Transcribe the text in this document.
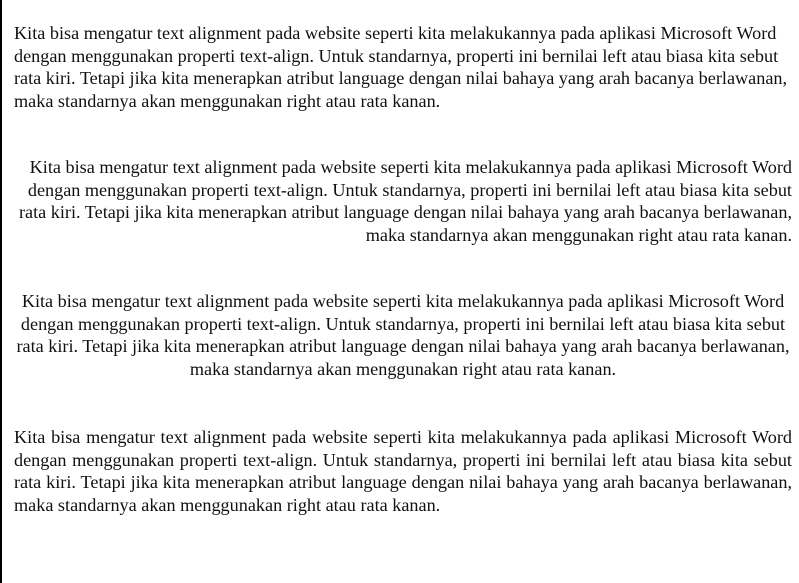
Kita bisa mengatur text alignment pada website seperti kita melakukannya pada aplikasi Microsoft Word dengan menggunakan properti text-align. Untuk standarnya, properti ini bernilai left atau biasa kita sebut rata kiri. Tetapi jika kita menerapkan atribut language dengan nilai bahaya yang arah bacanya berlawanan, maka standarnya akan menggunakan right atau rata kanan.

Kita bisa mengatur text alignment pada website seperti kita melakukannya pada aplikasi Microsoft Word dengan menggunakan properti text-align. Untuk standarnya, properti ini bernilai left atau biasa kita sebut rata kiri. Tetapi jika kita menerapkan atribut language dengan nilai bahaya yang arah bacanya berlawanan, maka standarnya akan menggunakan right atau rata kanan.

Kita bisa mengatur text alignment pada website seperti kita melakukannya pada aplikasi Microsoft Word dengan menggunakan properti text-align. Untuk standarnya, properti ini bernilai left atau biasa kita sebut rata kiri. Tetapi jika kita menerapkan atribut language dengan nilai bahaya yang arah bacanya berlawanan, maka standarnya akan menggunakan right atau rata kanan.

Kita bisa mengatur text alignment pada website seperti kita melakukannya pada aplikasi Microsoft Word dengan menggunakan properti text-align. Untuk standarnya, properti ini bernilai left atau biasa kita sebut rata kiri. Tetapi jika kita menerapkan atribut language dengan nilai bahaya yang arah bacanya berlawanan, maka standarnya akan menggunakan right atau rata kanan.
